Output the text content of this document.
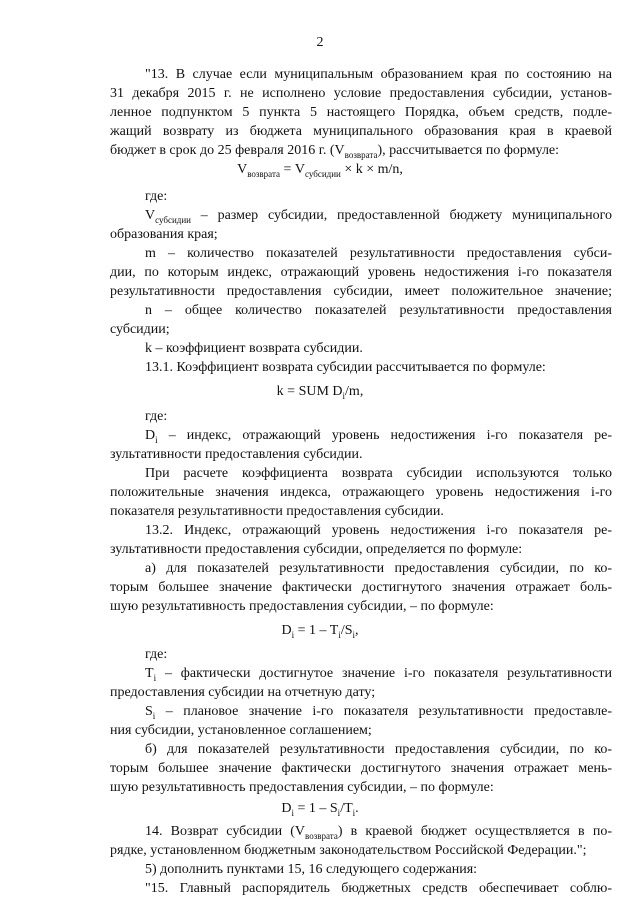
2
"13. В случае если муниципальным образованием края по состоянию на
31 декабря 2015 г. не исполнено условие предоставления субсидии, установ-
ленное подпунктом 5 пункта 5 настоящего Порядка, объем средств, подле-
жащий возврату из бюджета муниципального образования края в краевой
бюджет в срок до 25 февраля 2016 г. $(V_{возврата})$, рассчитывается по формуле:
$V_{возврата} = V_{субсидии} \times k \times m/n$,
где:
$V_{субсидии}$ – размер субсидии, предоставленной бюджету муниципального
образования края;
m – количество показателей результативности предоставления субси-
дии, по которым индекс, отражающий уровень недостижения i-го показателя
результативности предоставления субсидии, имеет положительное значение;
n – общее количество показателей результативности предоставления
субсидии;
k – коэффициент возврата субсидии.
13.1. Коэффициент возврата субсидии рассчитывается по формуле:
k = SUM $D_i/m$,
где:
$D_i$ – индекс, отражающий уровень недостижения i-го показателя ре-
зультативности предоставления субсидии.
При расчете коэффициента возврата субсидии используются только
положительные значения индекса, отражающего уровень недостижения i-го
показателя результативности предоставления субсидии.
13.2. Индекс, отражающий уровень недостижения i-го показателя ре-
зультативности предоставления субсидии, определяется по формуле:
а) для показателей результативности предоставления субсидии, по ко-
торым большее значение фактически достигнутого значения отражает боль-
шую результативность предоставления субсидии, – по формуле:
$D_i = 1 - T_i/S_i$,
где:
$T_i$ – фактически достигнутое значение i-го показателя результативности
предоставления субсидии на отчетную дату;
$S_i$ – плановое значение i-го показателя результативности предоставле-
ния субсидии, установленное соглашением;
б) для показателей результативности предоставления субсидии, по ко-
торым большее значение фактически достигнутого значения отражает мень-
шую результативность предоставления субсидии, – по формуле:
$D_i = 1 - S_i/T_i$.
14. Возврат субсидии $(V_{возврата})$ в краевой бюджет осуществляется в по-
рядке, установленном бюджетным законодательством Российской Федерации.";
5) дополнить пунктами 15, 16 следующего содержания:
"15. Главный распорядитель бюджетных средств обеспечивает соблю-
